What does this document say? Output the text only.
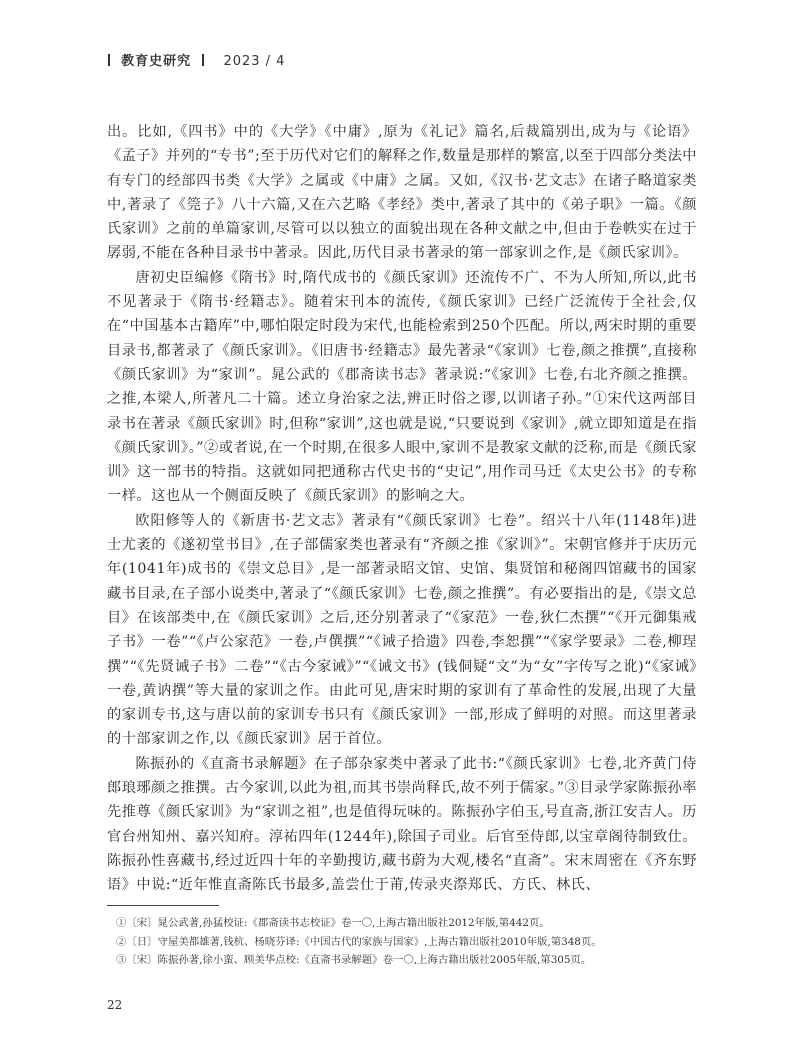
教育史研究 2023 / 4

出。比如,《四书》中的《大学》《中庸》,原为《礼记》篇名,后裁篇别出,成为与《论语》《孟子》并列的“专书”;至于历代对它们的解释之作,数量是那样的繁富,以至于四部分类法中有专门的经部四书类《大学》之属或《中庸》之属。又如,《汉书·艺文志》在诸子略道家类中,著录了《筦子》八十六篇,又在六艺略《孝经》类中,著录了其中的《弟子职》一篇。《颜氏家训》之前的单篇家训,尽管可以以独立的面貌出现在各种文献之中,但由于卷帙实在过于孱弱,不能在各种目录书中著录。因此,历代目录书著录的第一部家训之作,是《颜氏家训》。

唐初史臣编修《隋书》时,隋代成书的《颜氏家训》还流传不广、不为人所知,所以,此书不见著录于《隋书·经籍志》。随着宋刊本的流传,《颜氏家训》已经广泛流传于全社会,仅在“中国基本古籍库”中,哪怕限定时段为宋代,也能检索到250个匹配。所以,两宋时期的重要目录书,都著录了《颜氏家训》。《旧唐书·经籍志》最先著录“《家训》七卷,颜之推撰”,直接称《颜氏家训》为“家训”。晁公武的《郡斋读书志》著录说:“《家训》七卷,右北齐颜之推撰。之推,本梁人,所著凡二十篇。述立身治家之法,辨正时俗之谬,以训诸子孙。”①宋代这两部目录书在著录《颜氏家训》时,但称“家训”,这也就是说,“只要说到《家训》,就立即知道是在指《颜氏家训》。”②或者说,在一个时期,在很多人眼中,家训不是教家文献的泛称,而是《颜氏家训》这一部书的特指。这就如同把通称古代史书的“史记”,用作司马迁《太史公书》的专称一样。这也从一个侧面反映了《颜氏家训》的影响之大。

欧阳修等人的《新唐书·艺文志》著录有“《颜氏家训》七卷”。绍兴十八年(1148年)进士尤袤的《遂初堂书目》,在子部儒家类也著录有“齐颜之推《家训》”。宋朝官修并于庆历元年(1041年)成书的《崇文总目》,是一部著录昭文馆、史馆、集贤馆和秘阁四馆藏书的国家藏书目录,在子部小说类中,著录了“《颜氏家训》七卷,颜之推撰”。有必要指出的是,《崇文总目》在该部类中,在《颜氏家训》之后,还分别著录了“《家范》一卷,狄仁杰撰”“《开元御集戒子书》一卷”“《卢公家范》一卷,卢僎撰”“《诫子拾遗》四卷,李恕撰”“《家学要录》二卷,柳珵撰”“《先贤诫子书》二卷”“《古今家诫》”“《诫文书》(钱侗疑“文”为“女”字传写之讹)“《家诫》一卷,黄讷撰”等大量的家训之作。由此可见,唐宋时期的家训有了革命性的发展,出现了大量的家训专书,这与唐以前的家训专书只有《颜氏家训》一部,形成了鲜明的对照。而这里著录的十部家训之作,以《颜氏家训》居于首位。

陈振孙的《直斋书录解题》在子部杂家类中著录了此书:“《颜氏家训》七卷,北齐黄门侍郎琅琊颜之推撰。古今家训,以此为祖,而其书崇尚释氏,故不列于儒家。”③目录学家陈振孙率先推尊《颜氏家训》为“家训之祖”,也是值得玩味的。陈振孙字伯玉,号直斋,浙江安吉人。历官台州知州、嘉兴知府。淳祐四年(1244年),除国子司业。后官至侍郎,以宝章阁待制致仕。陈振孙性喜藏书,经过近四十年的辛勤搜访,藏书蔚为大观,楼名“直斋”。宋末周密在《齐东野语》中说:“近年惟直斋陈氏书最多,盖尝仕于莆,传录夹漈郑氏、方氏、林氏、

①〔宋〕晁公武著,孙猛校证:《郡斋读书志校证》卷一〇,上海古籍出版社2012年版,第442页。
②〔日〕守屋美都雄著,钱杭、杨晓芬译:《中国古代的家族与国家》,上海古籍出版社2010年版,第348页。
③〔宋〕陈振孙著,徐小蛮、顾美华点校:《直斋书录解题》卷一〇,上海古籍出版社2005年版,第305页。
22
